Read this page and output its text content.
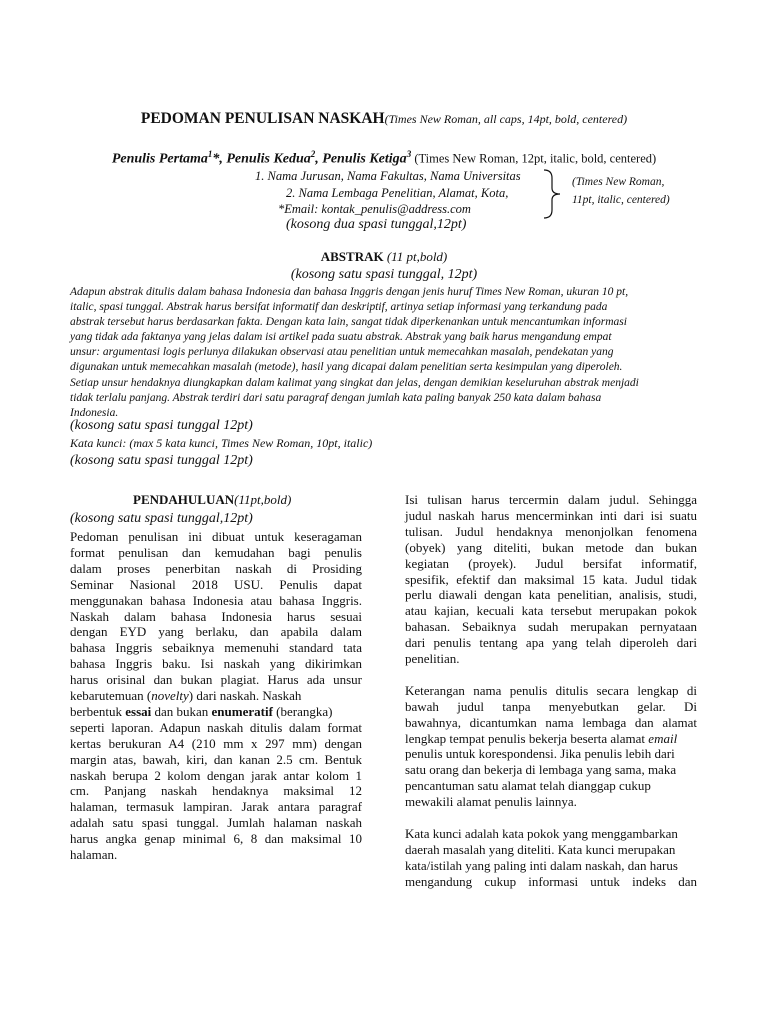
PEDOMAN PENULISAN NASKAH(Times New Roman, all caps, 14pt, bold, centered)
Penulis Pertama$^1$*, Penulis Kedua$^2$, Penulis Ketiga$^3$ (Times New Roman, 12pt, italic, bold, centered)
1. Nama Jurusan, Nama Fakultas, Nama Universitas
2. Nama Lembaga Penelitian, Alamat, Kota,
*Email: kontak_penulis@address.com
(Times New Roman,
11pt, italic, centered)
(kosong dua spasi tunggal,12pt)
ABSTRAK (11 pt,bold)
(kosong satu spasi tunggal, 12pt)
Adapun abstrak ditulis dalam bahasa Indonesia dan bahasa Inggris dengan jenis huruf Times New Roman, ukuran 10 pt,
italic, spasi tunggal. Abstrak harus bersifat informatif dan deskriptif, artinya setiap informasi yang terkandung pada
abstrak tersebut harus berdasarkan fakta. Dengan kata lain, sangat tidak diperkenankan untuk mencantumkan informasi
yang tidak ada faktanya yang jelas dalam isi artikel pada suatu abstrak. Abstrak yang baik harus mengandung empat
unsur: argumentasi logis perlunya dilakukan observasi atau penelitian untuk memecahkan masalah, pendekatan yang
digunakan untuk memecahkan masalah (metode), hasil yang dicapai dalam penelitian serta kesimpulan yang diperoleh.
Setiap unsur hendaknya diungkapkan dalam kalimat yang singkat dan jelas, dengan demikian keseluruhan abstrak menjadi
tidak terlalu panjang. Abstrak terdiri dari satu paragraf dengan jumlah kata paling banyak 250 kata dalam bahasa
Indonesia.
(kosong satu spasi tunggal 12pt)
Kata kunci: (max 5 kata kunci, Times New Roman, 10pt, italic)
(kosong satu spasi tunggal 12pt)
PENDAHULUAN(11pt,bold)
(kosong satu spasi tunggal,12pt)
Pedoman penulisan ini dibuat untuk keseragaman
format penulisan dan kemudahan bagi penulis
dalam proses penerbitan naskah di Prosiding
Seminar Nasional 2018 USU. Penulis dapat
menggunakan bahasa Indonesia atau bahasa Inggris.
Naskah dalam bahasa Indonesia harus sesuai
dengan EYD yang berlaku, dan apabila dalam
bahasa Inggris sebaiknya memenuhi standard tata
bahasa Inggris baku. Isi naskah yang dikirimkan
harus orisinal dan bukan plagiat. Harus ada unsur
kebarutemuan (novelty) dari naskah. Naskah
berbentuk essai dan bukan enumeratif (berangka)
seperti laporan. Adapun naskah ditulis dalam format
kertas berukuran A4 (210 mm x 297 mm) dengan
margin atas, bawah, kiri, dan kanan 2.5 cm. Bentuk
naskah berupa 2 kolom dengan jarak antar kolom 1
cm. Panjang naskah hendaknya maksimal 12
halaman, termasuk lampiran. Jarak antara paragraf
adalah satu spasi tunggal. Jumlah halaman naskah
harus angka genap minimal 6, 8 dan maksimal 10
halaman.
Isi tulisan harus tercermin dalam judul. Sehingga
judul naskah harus mencerminkan inti dari isi suatu
tulisan. Judul hendaknya menonjolkan fenomena
(obyek) yang diteliti, bukan metode dan bukan
kegiatan (proyek). Judul bersifat informatif,
spesifik, efektif dan maksimal 15 kata. Judul tidak
perlu diawali dengan kata penelitian, analisis, studi,
atau kajian, kecuali kata tersebut merupakan pokok
bahasan. Sebaiknya sudah merupakan pernyataan
dari penulis tentang apa yang telah diperoleh dari
penelitian.
Keterangan nama penulis ditulis secara lengkap di
bawah judul tanpa menyebutkan gelar. Di
bawahnya, dicantumkan nama lembaga dan alamat
lengkap tempat penulis bekerja beserta alamat email
penulis untuk korespondensi. Jika penulis lebih dari
satu orang dan bekerja di lembaga yang sama, maka
pencantuman satu alamat telah dianggap cukup
mewakili alamat penulis lainnya.
Kata kunci adalah kata pokok yang menggambarkan
daerah masalah yang diteliti. Kata kunci merupakan
kata/istilah yang paling inti dalam naskah, dan harus
mengandung cukup informasi untuk indeks dan
